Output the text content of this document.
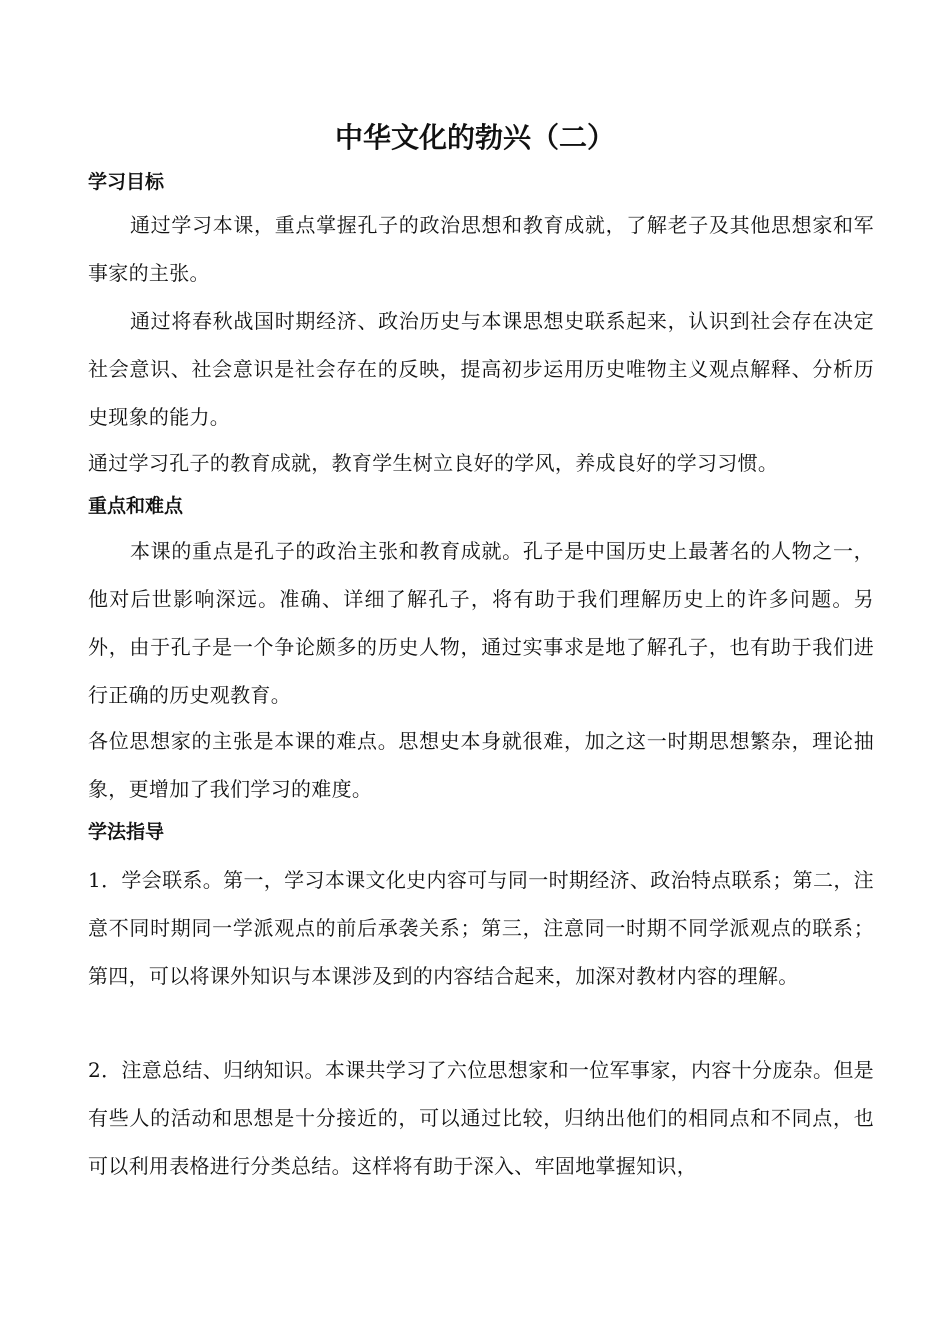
中华文化的勃兴（二）
学习目标

通过学习本课，重点掌握孔子的政治思想和教育成就，了解老子及其他思想家和军事家的主张。

通过将春秋战国时期经济、政治历史与本课思想史联系起来，认识到社会存在决定社会意识、社会意识是社会存在的反映，提高初步运用历史唯物主义观点解释、分析历史现象的能力。

通过学习孔子的教育成就，教育学生树立良好的学风，养成良好的学习习惯。

重点和难点

本课的重点是孔子的政治主张和教育成就。孔子是中国历史上最著名的人物之一，他对后世影响深远。准确、详细了解孔子，将有助于我们理解历史上的许多问题。另外，由于孔子是一个争论颇多的历史人物，通过实事求是地了解孔子，也有助于我们进行正确的历史观教育。

各位思想家的主张是本课的难点。思想史本身就很难，加之这一时期思想繁杂，理论抽象，更增加了我们学习的难度。

学法指导

1．学会联系。第一，学习本课文化史内容可与同一时期经济、政治特点联系；第二，注意不同时期同一学派观点的前后承袭关系；第三，注意同一时期不同学派观点的联系；第四，可以将课外知识与本课涉及到的内容结合起来，加深对教材内容的理解。

2．注意总结、归纳知识。本课共学习了六位思想家和一位军事家，内容十分庞杂。但是有些人的活动和思想是十分接近的，可以通过比较，归纳出他们的相同点和不同点，也可以利用表格进行分类总结。这样将有助于深入、牢固地掌握知识，
